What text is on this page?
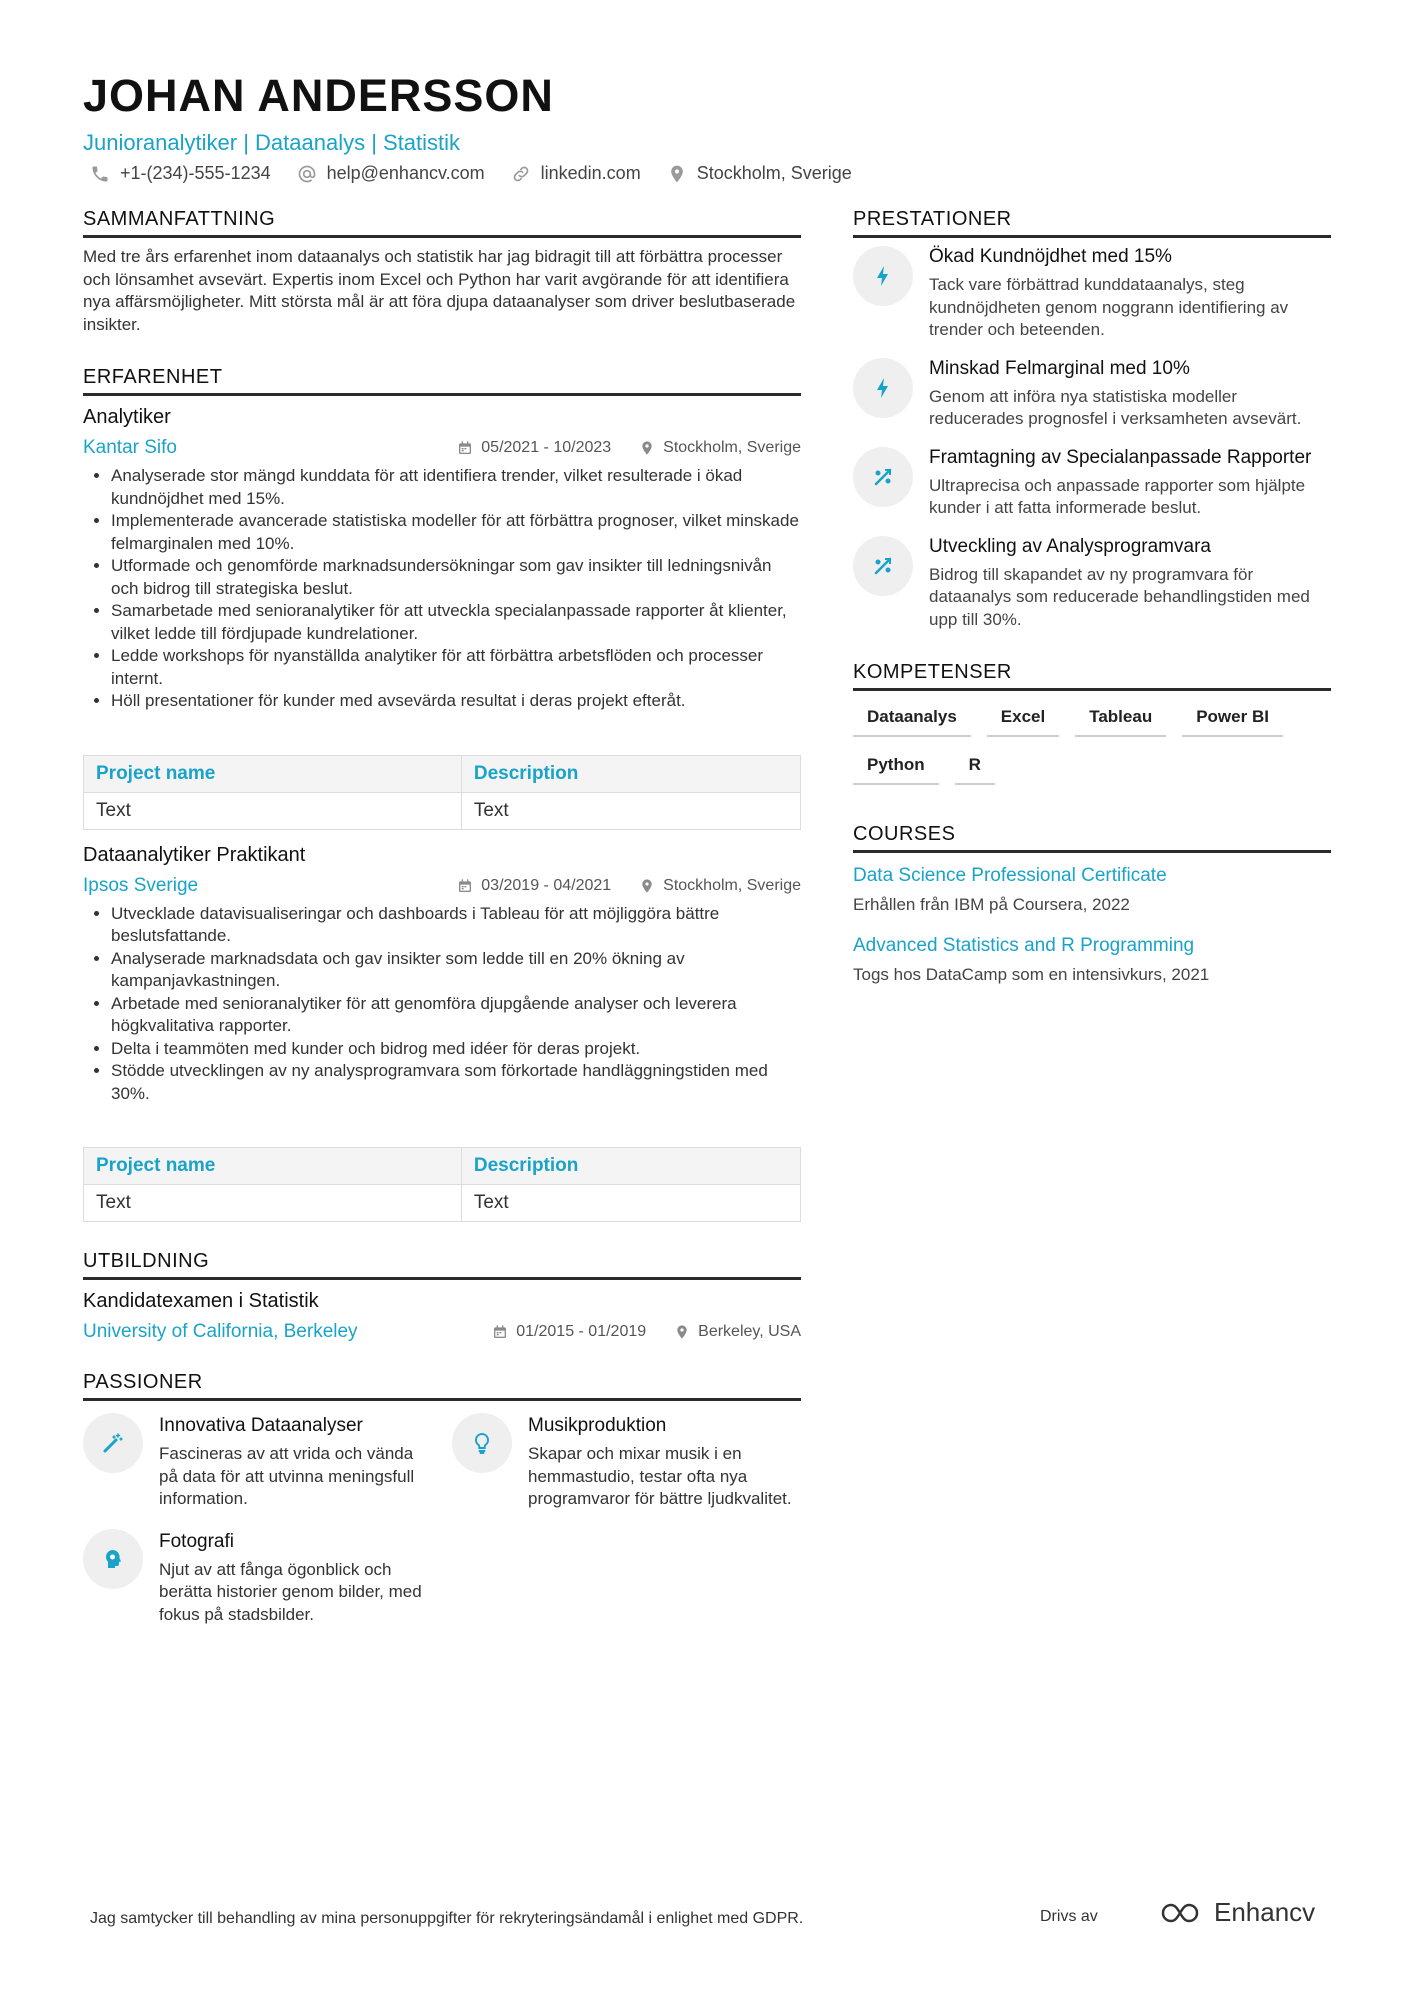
JOHAN ANDERSSON
Junioranalytiker | Dataanalys | Statistik
+1-(234)-555-1234	help@enhancv.com	linkedin.com	Stockholm, Sverige
SAMMANFATTNING
Med tre års erfarenhet inom dataanalys och statistik har jag bidragit till att förbättra processer och lönsamhet avsevärt. Expertis inom Excel och Python har varit avgörande för att identifiera nya affärsmöjligheter. Mitt största mål är att föra djupa dataanalyser som driver beslutbaserade insikter.
ERFARENHET
Analytiker
Kantar Sifo	05/2021 - 10/2023	Stockholm, Sverige
• Analyserade stor mängd kunddata för att identifiera trender, vilket resulterade i ökad kundnöjdhet med 15%.
• Implementerade avancerade statistiska modeller för att förbättra prognoser, vilket minskade felmarginalen med 10%.
• Utformade och genomförde marknadsundersökningar som gav insikter till ledningsnivån och bidrog till strategiska beslut.
• Samarbetade med senioranalytiker för att utveckla specialanpassade rapporter åt klienter, vilket ledde till fördjupade kundrelationer.
• Ledde workshops för nyanställda analytiker för att förbättra arbetsflöden och processer internt.
• Höll presentationer för kunder med avsevärda resultat i deras projekt efteråt.
Project name	Description
Text	Text
Dataanalytiker Praktikant
Ipsos Sverige	03/2019 - 04/2021	Stockholm, Sverige
• Utvecklade datavisualiseringar och dashboards i Tableau för att möjliggöra bättre beslutsfattande.
• Analyserade marknadsdata och gav insikter som ledde till en 20% ökning av kampanjavkastningen.
• Arbetade med senioranalytiker för att genomföra djupgående analyser och leverera högkvalitativa rapporter.
• Delta i teammöten med kunder och bidrog med idéer för deras projekt.
• Stödde utvecklingen av ny analysprogramvara som förkortade handläggningstiden med 30%.
Project name	Description
Text	Text
UTBILDNING
Kandidatexamen i Statistik
University of California, Berkeley	01/2015 - 01/2019	Berkeley, USA
PASSIONER
Innovativa Dataanalyser
Fascineras av att vrida och vända på data för att utvinna meningsfull information.
Musikproduktion
Skapar och mixar musik i en hemmastudio, testar ofta nya programvaror för bättre ljudkvalitet.
Fotografi
Njut av att fånga ögonblick och berätta historier genom bilder, med fokus på stadsbilder.
PRESTATIONER
Ökad Kundnöjdhet med 15%
Tack vare förbättrad kunddataanalys, steg kundnöjdheten genom noggrann identifiering av trender och beteenden.
Minskad Felmarginal med 10%
Genom att införa nya statistiska modeller reducerades prognosfel i verksamheten avsevärt.
Framtagning av Specialanpassade Rapporter
Ultraprecisa och anpassade rapporter som hjälpte kunder i att fatta informerade beslut.
Utveckling av Analysprogramvara
Bidrog till skapandet av ny programvara för dataanalys som reducerade behandlingstiden med upp till 30%.
KOMPETENSER
Dataanalys	Excel	Tableau	Power BI
Python	R
COURSES
Data Science Professional Certificate
Erhållen från IBM på Coursera, 2022
Advanced Statistics and R Programming
Togs hos DataCamp som en intensivkurs, 2021
Jag samtycker till behandling av mina personuppgifter för rekryteringsändamål i enlighet med GDPR.	Drivs av	Enhancv
